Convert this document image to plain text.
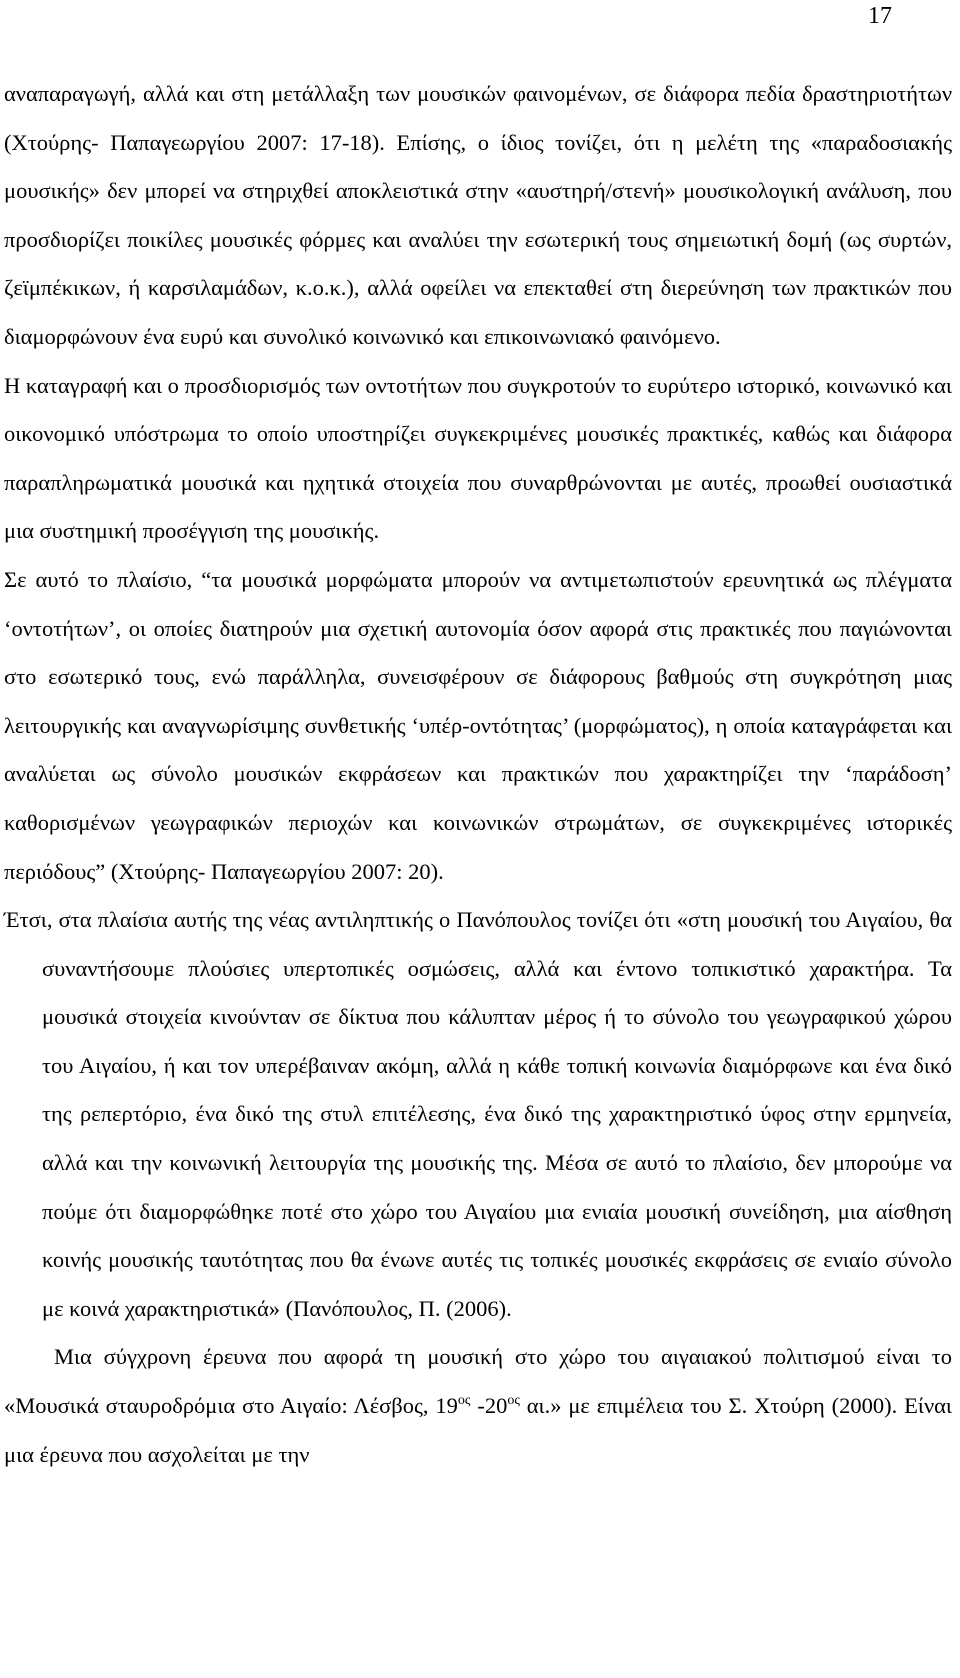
17

αναπαραγωγή, αλλά και στη μετάλλαξη των μουσικών φαινομένων, σε διάφορα πεδία δραστηριοτήτων (Χτούρης- Παπαγεωργίου 2007: 17-18). Επίσης, ο ίδιος τονίζει, ότι η μελέτη της «παραδοσιακής μουσικής» δεν μπορεί να στηριχθεί αποκλειστικά στην «αυστηρή/στενή» μουσικολογική ανάλυση, που προσδιορίζει ποικίλες μουσικές φόρμες και αναλύει την εσωτερική τους σημειωτική δομή (ως συρτών, ζεϊμπέκικων, ή καρσιλαμάδων, κ.ο.κ.), αλλά οφείλει να επεκταθεί στη διερεύνηση των πρακτικών που διαμορφώνουν ένα ευρύ και συνολικό κοινωνικό και επικοινωνιακό φαινόμενο.

Η καταγραφή και ο προσδιορισμός των οντοτήτων που συγκροτούν το ευρύτερο ιστορικό, κοινωνικό και οικονομικό υπόστρωμα το οποίο υποστηρίζει συγκεκριμένες μουσικές πρακτικές, καθώς και διάφορα παραπληρωματικά μουσικά και ηχητικά στοιχεία που συναρθρώνονται με αυτές, προωθεί ουσιαστικά μια συστημική προσέγγιση της μουσικής.

Σε αυτό το πλαίσιο, “τα μουσικά μορφώματα μπορούν να αντιμετωπιστούν ερευνητικά ως πλέγματα ‘οντοτήτων’, οι οποίες διατηρούν μια σχετική αυτονομία όσον αφορά στις πρακτικές που παγιώνονται στο εσωτερικό τους, ενώ παράλληλα, συνεισφέρουν σε διάφορους βαθμούς στη συγκρότηση μιας λειτουργικής και αναγνωρίσιμης συνθετικής ‘υπέρ-οντότητας’ (μορφώματος), η οποία καταγράφεται και αναλύεται ως σύνολο μουσικών εκφράσεων και πρακτικών που χαρακτηρίζει την ‘παράδοση’ καθορισμένων γεωγραφικών περιοχών και κοινωνικών στρωμάτων, σε συγκεκριμένες ιστορικές περιόδους” (Χτούρης- Παπαγεωργίου 2007: 20).

Έτσι, στα πλαίσια αυτής της νέας αντιληπτικής ο Πανόπουλος τονίζει ότι «στη μουσική του Αιγαίου, θα συναντήσουμε πλούσιες υπερτοπικές οσμώσεις, αλλά και έντονο τοπικιστικό χαρακτήρα. Τα μουσικά στοιχεία κινούνταν σε δίκτυα που κάλυπταν μέρος ή το σύνολο του γεωγραφικού χώρου του Αιγαίου, ή και τον υπερέβαιναν ακόμη, αλλά η κάθε τοπική κοινωνία διαμόρφωνε και ένα δικό της ρεπερτόριο, ένα δικό της στυλ επιτέλεσης, ένα δικό της χαρακτηριστικό ύφος στην ερμηνεία, αλλά και την κοινωνική λειτουργία της μουσικής της. Μέσα σε αυτό το πλαίσιο, δεν μπορούμε να πούμε ότι διαμορφώθηκε ποτέ στο χώρο του Αιγαίου μια ενιαία μουσική συνείδηση, μια αίσθηση κοινής μουσικής ταυτότητας που θα ένωνε αυτές τις τοπικές μουσικές εκφράσεις σε ενιαίο σύνολο με κοινά χαρακτηριστικά» (Πανόπουλος, Π. (2006).

Μια σύγχρονη έρευνα που αφορά τη μουσική στο χώρο του αιγαιακού πολιτισμού είναι το «Μουσικά σταυροδρόμια στο Αιγαίο: Λέσβος, $19^{o\varsigma}$ $-20^{o\varsigma}$ αι.» με επιμέλεια του Σ. Χτούρη (2000). Είναι μια έρευνα που ασχολείται με την
